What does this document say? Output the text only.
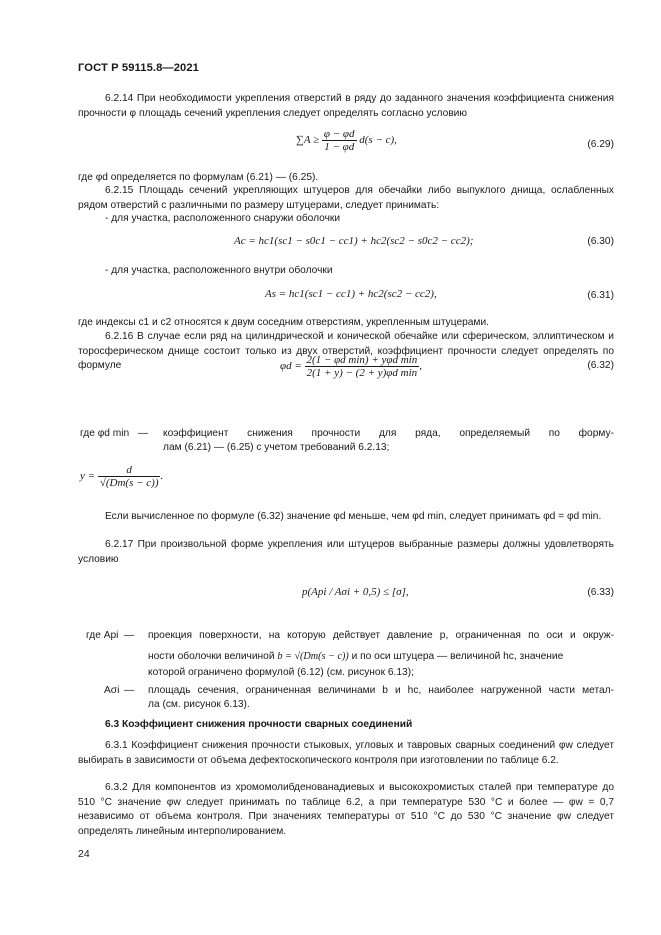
ГОСТ Р 59115.8—2021
6.2.14 При необходимости укрепления отверстий в ряду до заданного значения коэффициента снижения прочности φ площадь сечений укрепления следует определять согласно условию
$\sum A \ge \frac{\varphi - \varphi d}{1 - \varphi d} d(s - c)$,	(6.29)
где φd определяется по формулам (6.21) — (6.25).
6.2.15 Площадь сечений укрепляющих штуцеров для обечайки либо выпуклого днища, ослабленных рядом отверстий с различными по размеру штуцерами, следует принимать:
- для участка, расположенного снаружи оболочки
Ac = hc1(sc1 − s0c1 − cc1) + hc2(sc2 − s0c2 − cc2);	(6.30)
- для участка, расположенного внутри оболочки
As = hc1(sc1 − cc1) + hc2(sc2 − cc2),	(6.31)
где индексы c1 и c2 относятся к двум соседним отверстиям, укрепленным штуцерами.
6.2.16 В случае если ряд на цилиндрической и конической обечайке или сферическом, эллиптическом и торосферическом днище состоит только из двух отверстий, коэффициент прочности следует определять по формуле	$\varphi d = \frac{\text{2(1 − φd min) + yφd min}}{\text{2(1 + y) − (2 + y)φd min}}$ ,	(6.32)
где φd min — коэффициент снижения прочности для ряда, определяемый по форму-
лам (6.21) — (6.25) с учетом требований 6.2.13;
$y = \frac{d}{√(Dm(s - c))}$ .
Если вычисленное по формуле (6.32) значение φd меньше, чем φd min, следует принимать φd = φd min.
6.2.17 При произвольной форме укрепления или штуцеров выбранные размеры должны удовлетворять условию
p(Api / Aσi + 0,5) ≤ [σ],	(6.33)
где Api — проекция поверхности, на которую действует давление p, ограниченная по оси и окруж-
ности оболочки величиной b = √(Dm(s − c)) и по оси штуцера — величиной hc, значение
которой ограничено формулой (6.12) (см. рисунок 6.13);
Aσi — площадь сечения, ограниченная величинами b и hc, наиболее нагруженной части метал-
ла (см. рисунок 6.13).
6.3 Коэффициент снижения прочности сварных соединений
6.3.1 Коэффициент снижения прочности стыковых, угловых и тавровых сварных соединений φw следует выбирать в зависимости от объема дефектоскопического контроля при изготовлении по таблице 6.2.
6.3.2 Для компонентов из хромомолибденованадиевых и высокохромистых сталей при температуре до 510 °С значение φw следует принимать по таблице 6.2, а при температуре 530 °С и более — φw = 0,7 независимо от объема контроля. При значениях температуры от 510 °С до 530 °С значение φw следует определять линейным интерполированием.
24
